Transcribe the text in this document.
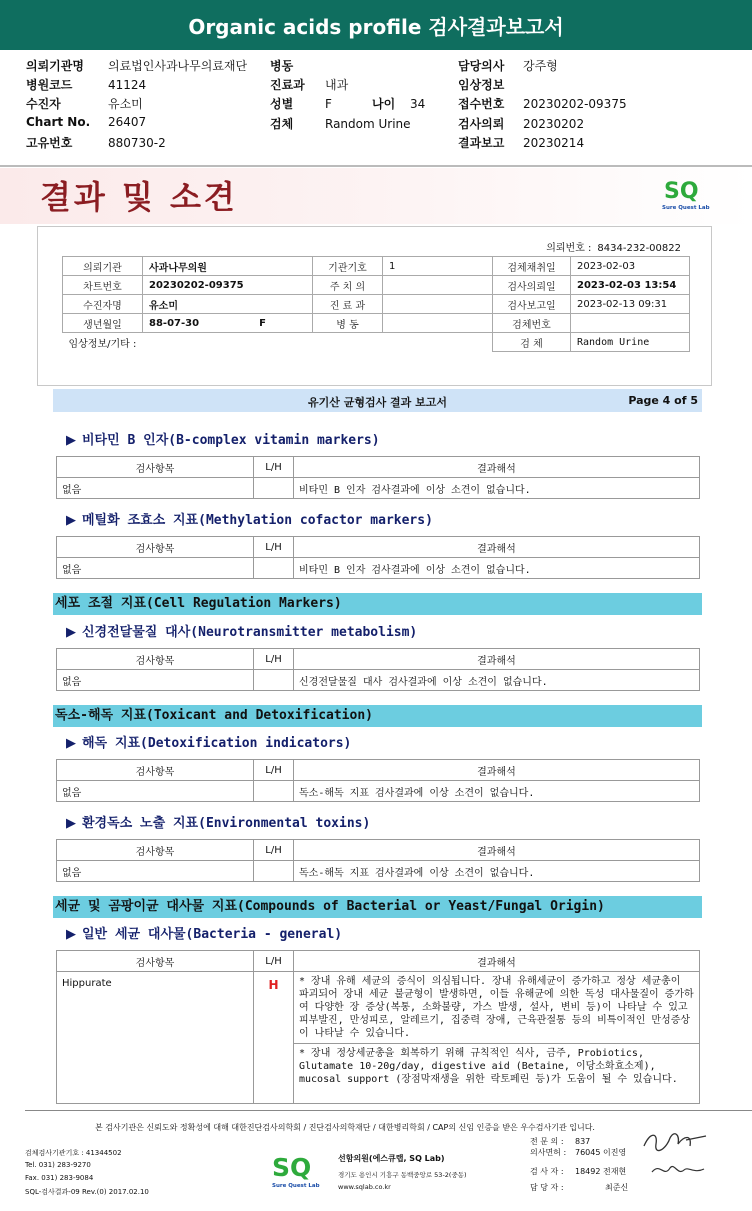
Organic acids profile 검사결과보고서
의뢰기관명 의료법인사과나무의료재단
병원코드	41124
수진자	유소미
Chart No. 26407
고유번호	880730-2
병동
진료과 내과
성별	F	나이 34
검체	Random Urine
담당의사 강주형
임상정보
접수번호 20230202-09375
검사의뢰 20230202
결과보고 20230214
결과 및 소견	SQ
Sure Quest Lab
의뢰번호 : 8434-232-00822
의뢰기관	사과나무의원	기관기호	1	검체채취일	2023-02-03
차트번호	20230202-09375	주 치 의		검사의뢰일	2023-02-03 13:54
수진자명	유소미	진 료 과		검사보고일	2023-02-13 09:31
생년월일	88-07-30 F	병 동		검체번호	
임상정보/기타 :				검 체	Random Urine
유기산 균형검사 결과 보고서	Page 4 of 5
▶ 비타민 B 인자(B-complex vitamin markers)
검사항목	L/H	결과해석
없음		비타민 B 인자 검사결과에 이상 소견이 없습니다.
▶ 메틸화 조효소 지표(Methylation cofactor markers)
검사항목	L/H	결과해석
없음		비타민 B 인자 검사결과에 이상 소견이 없습니다.
세포 조절 지표(Cell Regulation Markers)
▶ 신경전달물질 대사(Neurotransmitter metabolism)
검사항목	L/H	결과해석
없음		신경전달물질 대사 검사결과에 이상 소견이 없습니다.
독소-해독 지표(Toxicant and Detoxification)
▶ 해독 지표(Detoxification indicators)
검사항목	L/H	결과해석
없음		독소-해독 지표 검사결과에 이상 소견이 없습니다.
▶ 환경독소 노출 지표(Environmental toxins)
검사항목	L/H	결과해석
없음		독소-해독 지표 검사결과에 이상 소견이 없습니다.
세균 및 곰팡이균 대사물 지표(Compounds of Bacterial or Yeast/Fungal Origin)
▶ 일반 세균 대사물(Bacteria - general)
검사항목	L/H	결과해석
Hippurate	H	* 장내 유해 세균의 증식이 의심됩니다. 장내 유해세균이 증가하고 정상 세균총이 파괴되어 장내 세균 불균형이 발생하면, 이들 유해균에 의한 독성 대사물질이 증가하여 다양한 장 증상(복통, 소화불량, 가스 발생, 설사, 변비 등)이 나타날 수 있고 피부발진, 만성피로, 알레르기, 집중력 장애, 근육관절통 등의 비특이적인 만성증상이 나타날 수 있습니다.
		* 장내 정상세균총을 회복하기 위해 규칙적인 식사, 금주, Probiotics, Glutamate 10-20g/day, digestive aid (Betaine, 이당소화효소제), mucosal support (장점막재생을 위한 락토페린 등)가 도움이 될 수 있습니다.
본 검사기관은 신뢰도와 정확성에 대해 대한진단검사의학회 / 진단검사의학재단 / 대한병리학회 / CAP의 신임 인증을 받은 우수검사기관 입니다.
검체검사기관기호 : 41344502
Tel. 031) 283-9270
Fax. 031) 283-9084
SQL-검사결과-09 Rev.(0) 2017.02.10
SQ
Sure Quest Lab
선함의원(에스큐랩, SQ Lab)
경기도 용인시 기흥구 동백중앙로 53-2(중동)
www.sqlab.co.kr
전 문 의 : 837
의사면허 : 76045 이진영
검 사 자 : 18492 전재현
담 당 자 :	최준신
